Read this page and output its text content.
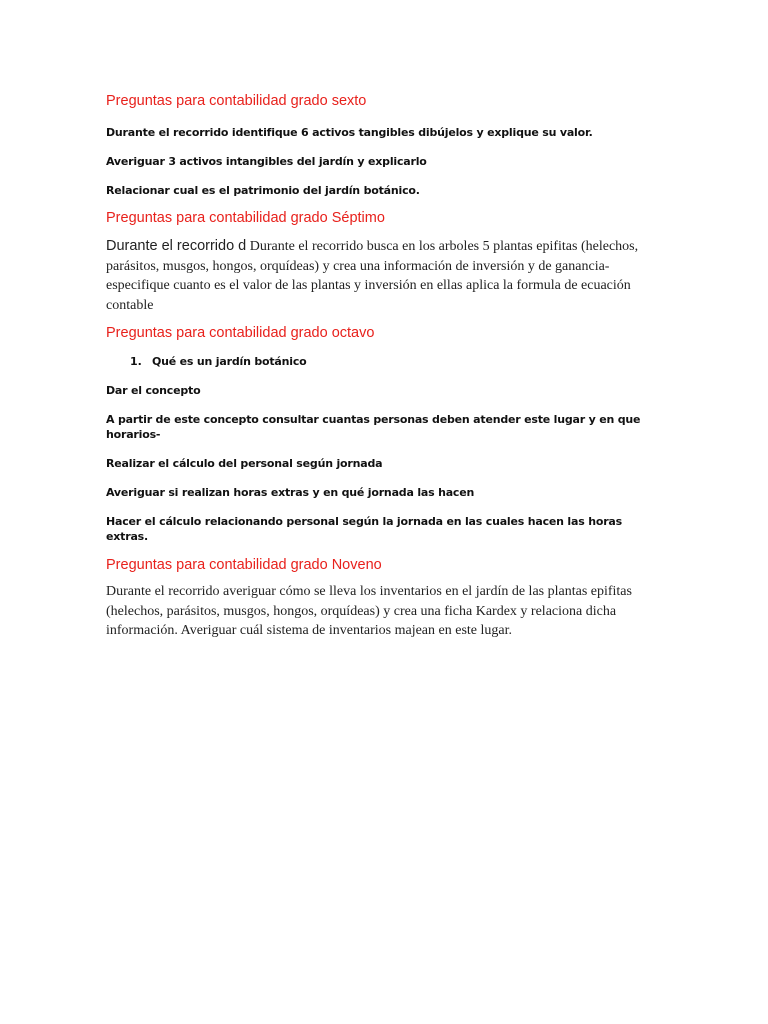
Preguntas para contabilidad grado sexto

Durante el recorrido identifique 6 activos tangibles dibújelos y explique su valor.

Averiguar 3 activos intangibles del jardín y explicarlo

Relacionar cual es el patrimonio del jardín botánico.

Preguntas para contabilidad grado Séptimo

Durante el recorrido d Durante el recorrido busca en los arboles 5 plantas epifitas (helechos, parásitos, musgos, hongos, orquídeas) y crea una información de inversión y de ganancia- especifique cuanto es el valor de las plantas y inversión en ellas aplica la formula de ecuación contable

Preguntas para contabilidad grado octavo

1. Qué es un jardín botánico

Dar el concepto

A partir de este concepto consultar cuantas personas deben atender este lugar y en que horarios-

Realizar el cálculo del personal según jornada

Averiguar si realizan horas extras y en qué jornada las hacen

Hacer el cálculo relacionando personal según la jornada en las cuales hacen las horas extras.

Preguntas para contabilidad grado Noveno

Durante el recorrido averiguar cómo se lleva los inventarios en el jardín de las plantas epifitas (helechos, parásitos, musgos, hongos, orquídeas) y crea una ficha Kardex y relaciona dicha información. Averiguar cuál sistema de inventarios majean en este lugar.
